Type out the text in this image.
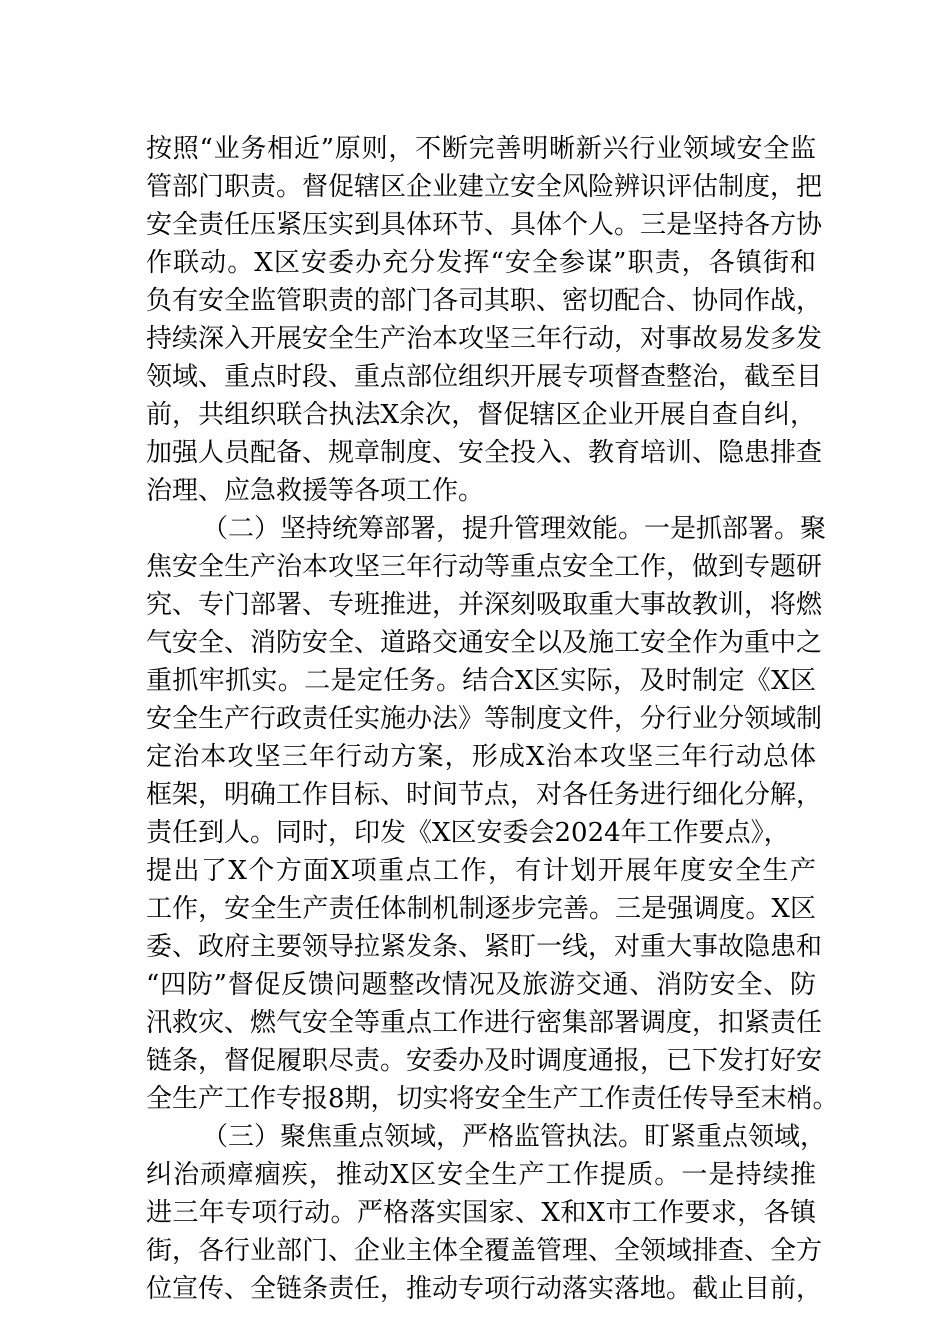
按照“业务相近”原则，不断完善明晰新兴行业领域安全监
管部门职责。督促辖区企业建立安全风险辨识评估制度，把
安全责任压紧压实到具体环节、具体个人。三是坚持各方协
作联动。X区安委办充分发挥“安全参谋”职责，各镇街和
负有安全监管职责的部门各司其职、密切配合、协同作战，
持续深入开展安全生产治本攻坚三年行动，对事故易发多发
领域、重点时段、重点部位组织开展专项督查整治，截至目
前，共组织联合执法X余次，督促辖区企业开展自查自纠，
加强人员配备、规章制度、安全投入、教育培训、隐患排查
治理、应急救援等各项工作。
（二）坚持统筹部署，提升管理效能。一是抓部署。聚
焦安全生产治本攻坚三年行动等重点安全工作，做到专题研
究、专门部署、专班推进，并深刻吸取重大事故教训，将燃
气安全、消防安全、道路交通安全以及施工安全作为重中之
重抓牢抓实。二是定任务。结合X区实际，及时制定《X区
安全生产行政责任实施办法》等制度文件，分行业分领域制
定治本攻坚三年行动方案，形成X治本攻坚三年行动总体
框架，明确工作目标、时间节点，对各任务进行细化分解，
责任到人。同时，印发《X区安委会2024年工作要点》，
提出了X个方面X项重点工作，有计划开展年度安全生产
工作，安全生产责任体制机制逐步完善。三是强调度。X区
委、政府主要领导拉紧发条、紧盯一线，对重大事故隐患和
“四防”督促反馈问题整改情况及旅游交通、消防安全、防
汛救灾、燃气安全等重点工作进行密集部署调度，扣紧责任
链条，督促履职尽责。安委办及时调度通报，已下发打好安
全生产工作专报8期，切实将安全生产工作责任传导至末梢。
（三）聚焦重点领域，严格监管执法。盯紧重点领域，
纠治顽瘴痼疾，推动X区安全生产工作提质。一是持续推
进三年专项行动。严格落实国家、X和X市工作要求，各镇
街，各行业部门、企业主体全覆盖管理、全领域排查、全方
位宣传、全链条责任，推动专项行动落实落地。截止目前，
